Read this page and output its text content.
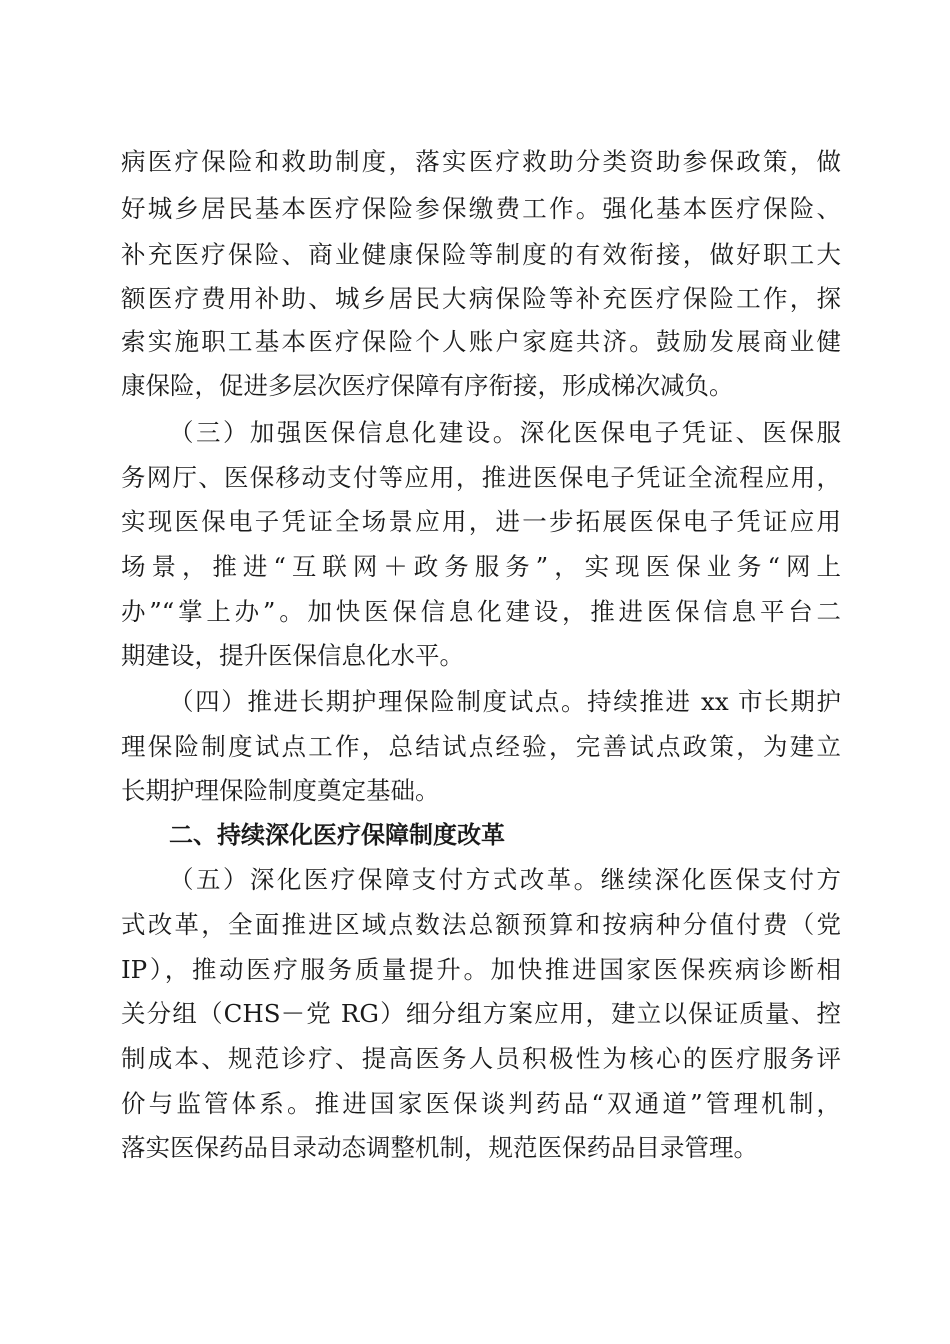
病医疗保险和救助制度，落实医疗救助分类资助参保政策，做
好城乡居民基本医疗保险参保缴费工作。强化基本医疗保险、
补充医疗保险、商业健康保险等制度的有效衔接，做好职工大
额医疗费用补助、城乡居民大病保险等补充医疗保险工作，探
索实施职工基本医疗保险个人账户家庭共济。鼓励发展商业健
康保险，促进多层次医疗保障有序衔接，形成梯次减负。
（三）加强医保信息化建设。深化医保电子凭证、医保服
务网厅、医保移动支付等应用，推进医保电子凭证全流程应用，
实现医保电子凭证全场景应用，进一步拓展医保电子凭证应用
场景，推进“互联网＋政务服务”，实现医保业务“网上
办”“掌上办”。加快医保信息化建设，推进医保信息平台二
期建设，提升医保信息化水平。
（四）推进长期护理保险制度试点。持续推进 xx 市长期护
理保险制度试点工作，总结试点经验，完善试点政策，为建立
长期护理保险制度奠定基础。
二、持续深化医疗保障制度改革
（五）深化医疗保障支付方式改革。继续深化医保支付方
式改革，全面推进区域点数法总额预算和按病种分值付费（党
IP），推动医疗服务质量提升。加快推进国家医保疾病诊断相
关分组（CHS－党 RG）细分组方案应用，建立以保证质量、控
制成本、规范诊疗、提高医务人员积极性为核心的医疗服务评
价与监管体系。推进国家医保谈判药品“双通道”管理机制，
落实医保药品目录动态调整机制，规范医保药品目录管理。
